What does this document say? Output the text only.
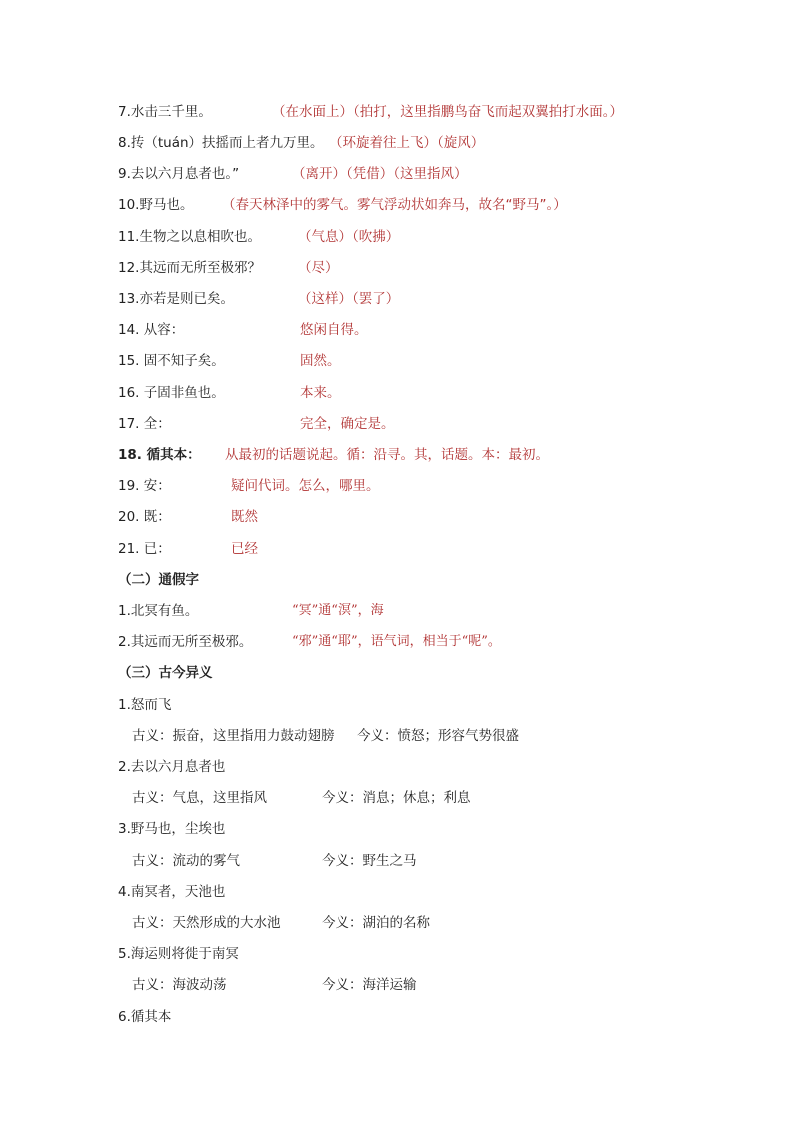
7.水击三千里。	（在水面上）（拍打，这里指鹏鸟奋飞而起双翼拍打水面。）
8.抟（tuán）扶摇而上者九万里。 （环旋着往上飞）（旋风）
9.去以六月息者也。”	（离开）（凭借）（这里指风）
10.野马也。 （春天林泽中的雾气。雾气浮动状如奔马，故名“野马”。）
11.生物之以息相吹也。	（气息）（吹拂）
12.其远而无所至极邪？	（尽）
13.亦若是则已矣。	（这样）（罢了）
14. 从容：	悠闲自得。
15. 固不知子矣。	固然。
16. 子固非鱼也。	本来。
17. 全：	完全，确定是。
18. 循其本： 从最初的话题说起。循：沿寻。其，话题。本：最初。
19. 安：	疑问代词。怎么，哪里。
20. 既：	既然
21. 已：	已经
（二）通假字
1.北冥有鱼。	“冥”通“溟”，海
2.其远而无所至极邪。	“邪”通“耶”，语气词，相当于“呢”。
（三）古今异义
1.怒而飞
古义：振奋，这里指用力鼓动翅膀 今义：愤怒；形容气势很盛
2.去以六月息者也
古义：气息，这里指风	今义：消息；休息；利息
3.野马也，尘埃也
古义：流动的雾气	今义：野生之马
4.南冥者，天池也
古义：天然形成的大水池	今义：湖泊的名称
5.海运则将徙于南冥
古义：海波动荡	今义：海洋运输
6.循其本
